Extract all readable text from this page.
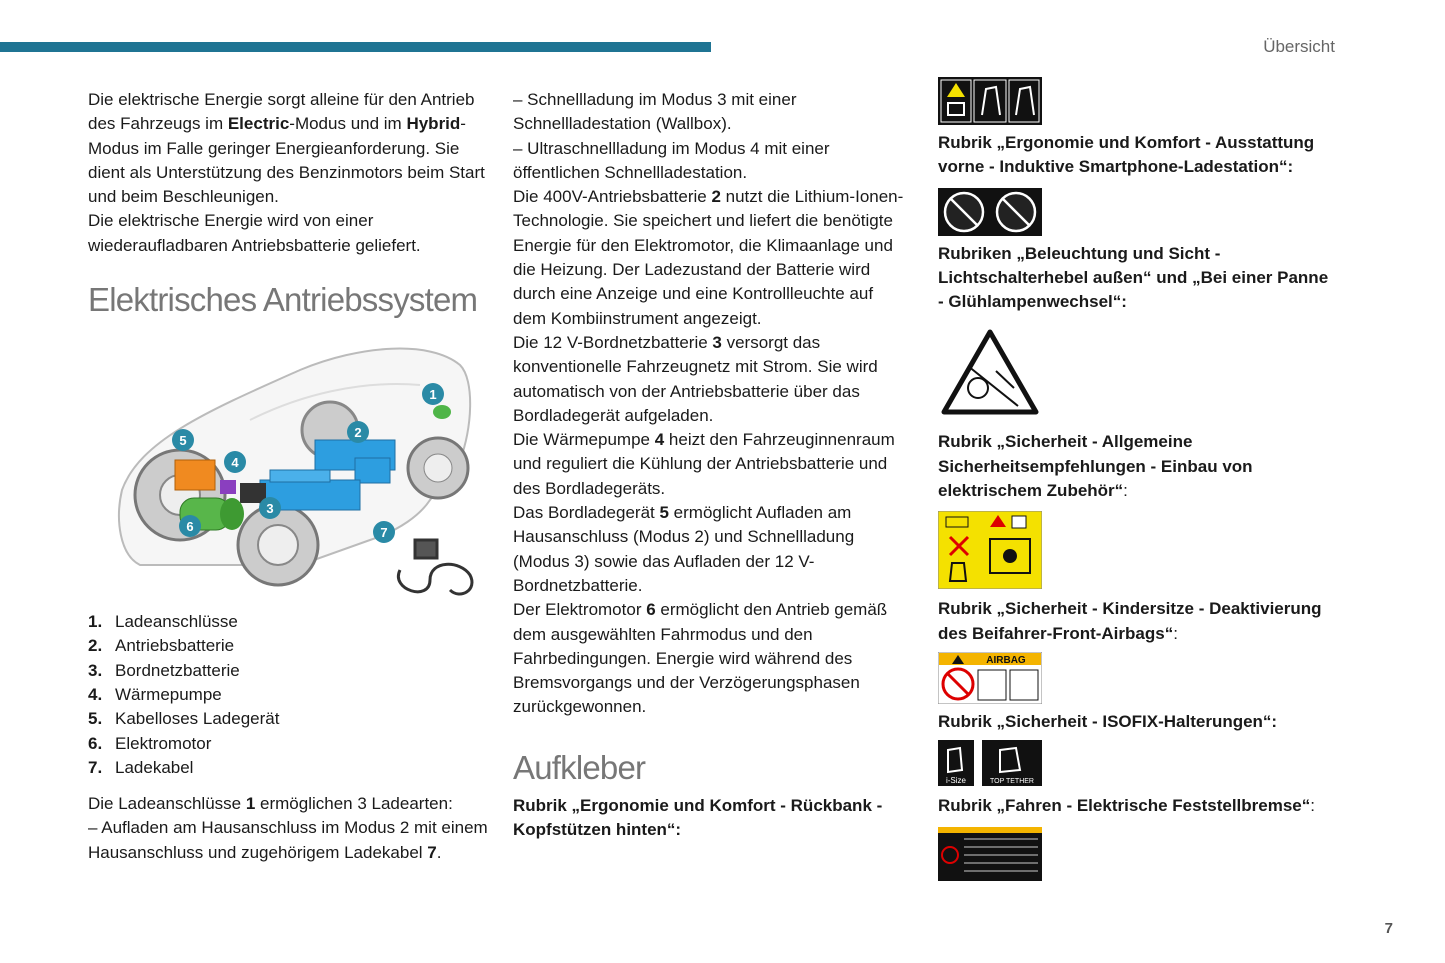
Übersicht

Die elektrische Energie sorgt alleine für den Antrieb des Fahrzeugs im Electric-Modus und im Hybrid-Modus im Falle geringer Energieanforderung. Sie dient als Unterstützung des Benzinmotors beim Start und beim Beschleunigen.

Die elektrische Energie wird von einer wiederaufladbaren Antriebsbatterie geliefert.

Elektrisches Antriebssystem
1
2
3
4
5
6	7
1. Ladeanschlüsse
2. Antriebsbatterie
3. Bordnetzbatterie
4. Wärmepumpe
5. Kabelloses Ladegerät
6. Elektromotor
7. Ladekabel

Die Ladeanschlüsse 1 ermöglichen 3 Ladearten:

– Aufladen am Hausanschluss im Modus 2 mit einem Hausanschluss und zugehörigem Ladekabel 7.

– Schnellladung im Modus 3 mit einer Schnellladestation (Wallbox).

– Ultraschnellladung im Modus 4 mit einer öffentlichen Schnellladestation.

Die 400V-Antriebsbatterie 2 nutzt die Lithium-Ionen-Technologie. Sie speichert und liefert die benötigte Energie für den Elektromotor, die Klimaanlage und die Heizung. Der Ladezustand der Batterie wird durch eine Anzeige und eine Kontrollleuchte auf dem Kombiinstrument angezeigt.

Die 12 V-Bordnetzbatterie 3 versorgt das konventionelle Fahrzeugnetz mit Strom. Sie wird automatisch von der Antriebsbatterie über das Bordladegerät aufgeladen.

Die Wärmepumpe 4 heizt den Fahrzeuginnenraum und reguliert die Kühlung der Antriebsbatterie und des Bordladegeräts.

Das Bordladegerät 5 ermöglicht Aufladen am Hausanschluss (Modus 2) und Schnellladung (Modus 3) sowie das Aufladen der 12 V-Bordnetzbatterie.

Der Elektromotor 6 ermöglicht den Antrieb gemäß dem ausgewählten Fahrmodus und den Fahrbedingungen. Energie wird während des Bremsvorgangs und der Verzögerungsphasen zurückgewonnen.

Aufkleber

Rubrik „Ergonomie und Komfort - Rückbank - Kopfstützen hinten“:

Rubrik „Ergonomie und Komfort - Ausstattung vorne - Induktive Smartphone-Ladestation“:

Rubriken „Beleuchtung und Sicht - Lichtschalterhebel außen“ und „Bei einer Panne - Glühlampenwechsel“:

Rubrik „Sicherheit - Allgemeine Sicherheitsempfehlungen - Einbau von elektrischem Zubehör“:

Rubrik „Sicherheit - Kindersitze - Deaktivierung des Beifahrer-Front-Airbags“:

AIRBAG

Rubrik „Sicherheit - ISOFIX-Halterungen“:

i-Size	TOP TETHER

Rubrik „Fahren - Elektrische Feststellbremse“:

7
